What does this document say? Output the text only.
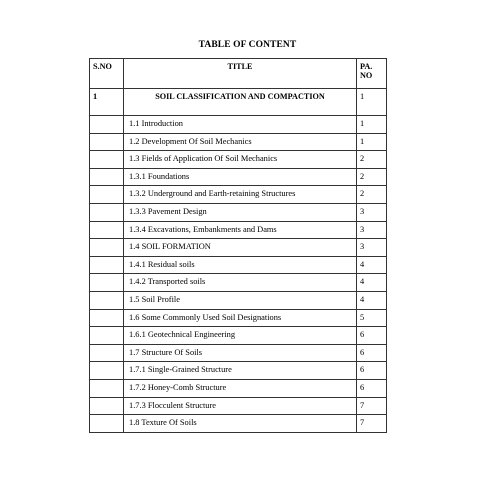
TABLE OF CONTENT
S.NO	TITLE	PA.
NO
1	SOIL CLASSIFICATION AND COMPACTION	1
	1.1 Introduction	1
	1.2 Development Of Soil Mechanics	1
	1.3 Fields of Application Of Soil Mechanics	2
	1.3.1 Foundations	2
	1.3.2 Underground and Earth-retaining Structures	2
	1.3.3 Pavement Design	3
	1.3.4 Excavations, Embankments and Dams	3
	1.4 SOIL FORMATION	3
	1.4.1 Residual soils	4
	1.4.2 Transported soils	4
	1.5 Soil Profile	4
	1.6 Some Commonly Used Soil Designations	5
	1.6.1 Geotechnical Engineering	6
	1.7 Structure Of Soils	6
	1.7.1 Single-Grained Structure	6
	1.7.2 Honey-Comb Structure	6
	1.7.3 Flocculent Structure	7
	1.8 Texture Of Soils	7
